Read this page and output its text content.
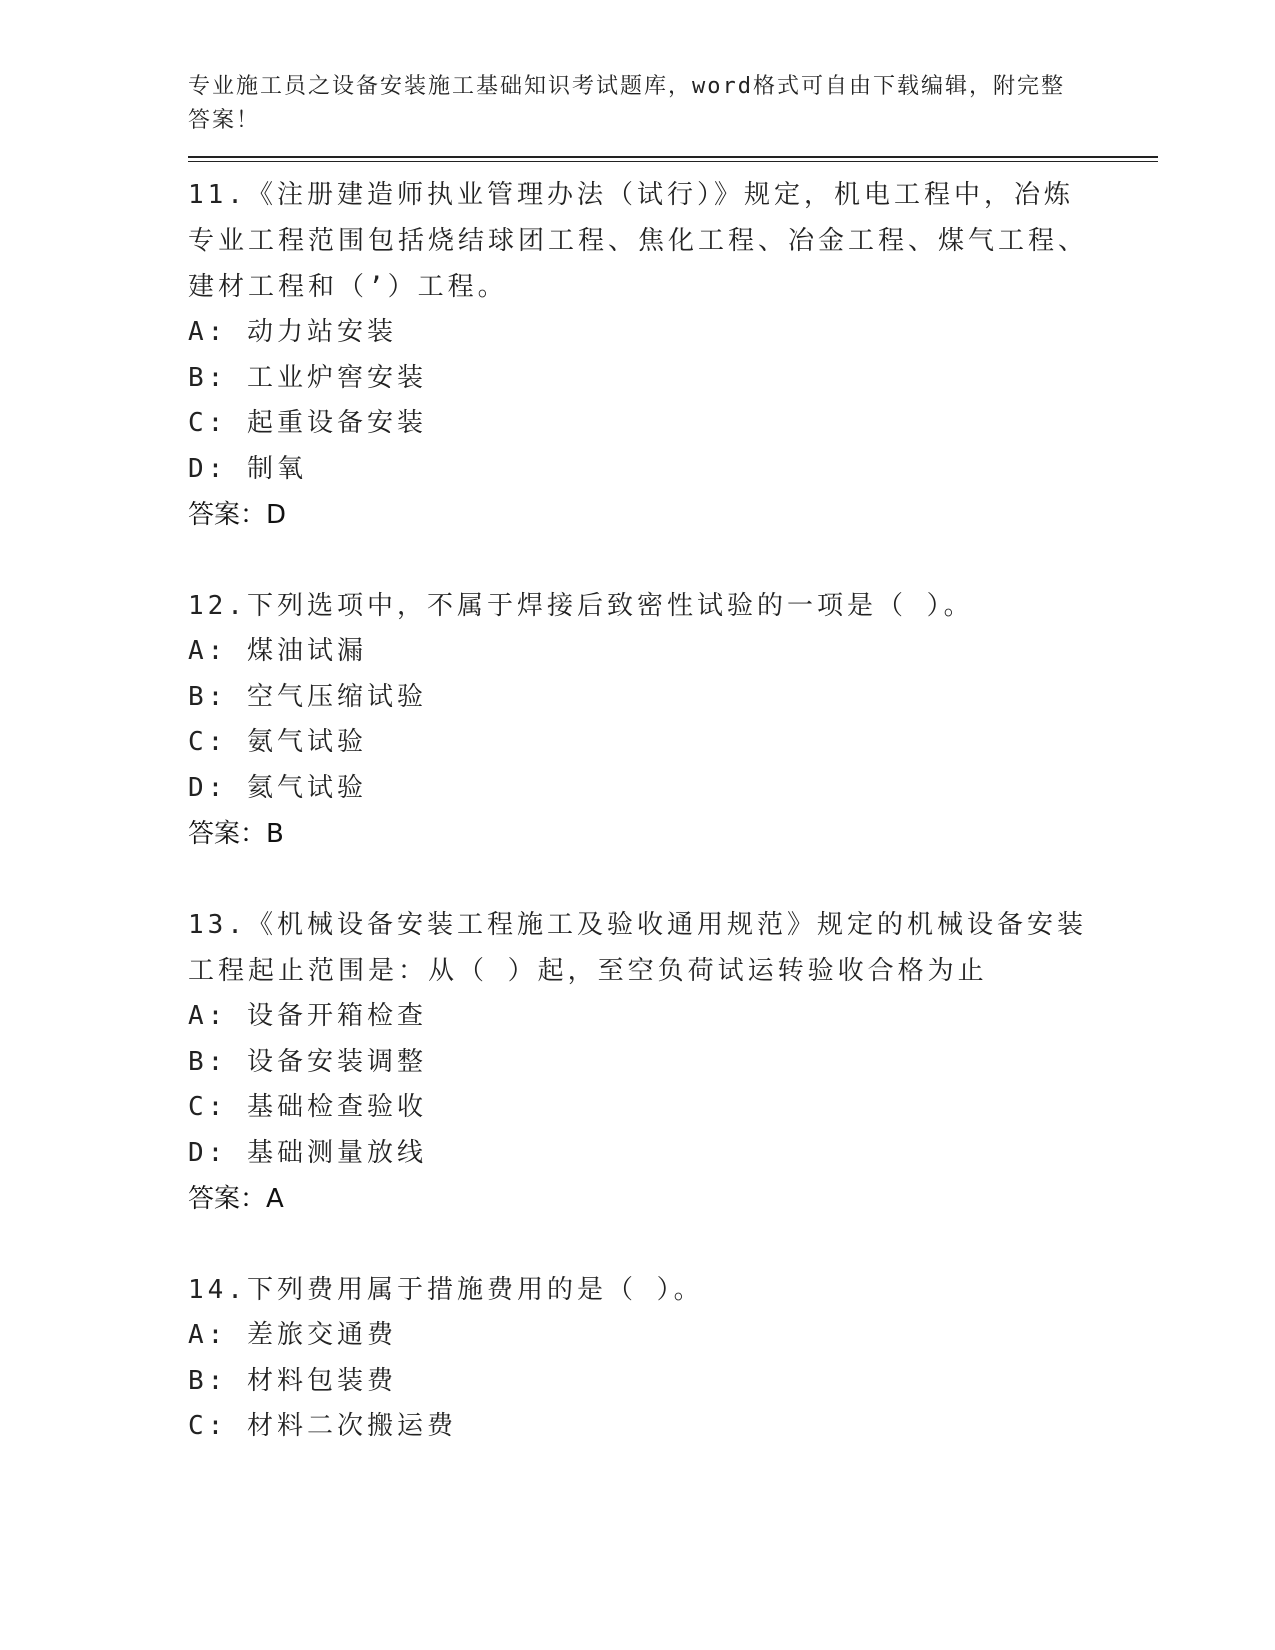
专业施工员之设备安装施工基础知识考试题库，word格式可自由下载编辑，附完整答案！
11.《注册建造师执业管理办法（试行）》规定，机电工程中，冶炼专业工程范围包括烧结球团工程、焦化工程、冶金工程、煤气工程、建材工程和（’）工程。
A: 动力站安装
B: 工业炉窖安装
C: 起重设备安装
D: 制氧
答案：D
12.下列选项中，不属于焊接后致密性试验的一项是（ ）。
A: 煤油试漏
B: 空气压缩试验
C: 氨气试验
D: 氦气试验
答案：B
13.《机械设备安装工程施工及验收通用规范》规定的机械设备安装工程起止范围是：从（ ）起，至空负荷试运转验收合格为止
A: 设备开箱检查
B: 设备安装调整
C: 基础检查验收
D: 基础测量放线
答案：A
14.下列费用属于措施费用的是（ ）。
A: 差旅交通费
B: 材料包装费
C: 材料二次搬运费
